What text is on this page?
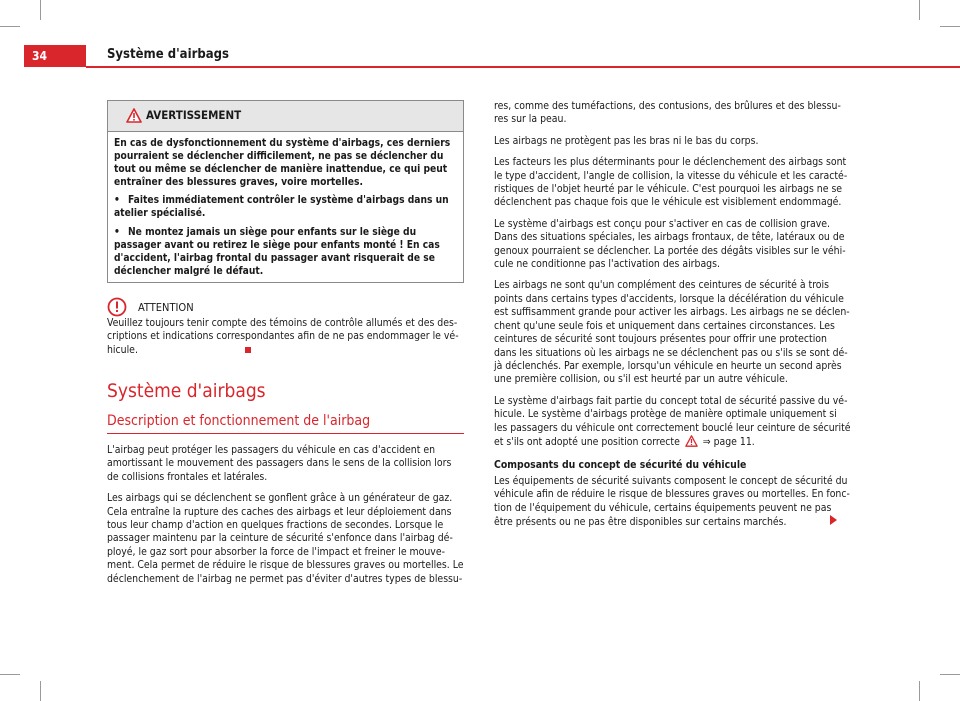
34	Système d'airbags
AVERTISSEMENT

En cas de dysfonctionnement du système d'airbags, ces derniers pourraient se déclencher difficilement, ne pas se déclencher du tout ou même se déclencher de manière inattendue, ce qui peut entraîner des blessures graves, voire mortelles.

• Faites immédiatement contrôler le système d'airbags dans un atelier spécialisé.

• Ne montez jamais un siège pour enfants sur le siège du passager avant ou retirez le siège pour enfants monté ! En cas d'accident, l'airbag frontal du passager avant risquerait de se déclencher malgré le défaut.

ATTENTION

Veuillez toujours tenir compte des témoins de contrôle allumés et des descriptions et indications correspondantes afin de ne pas endommager le véhicule.

Système d'airbags
Description et fonctionnement de l'airbag

L'airbag peut protéger les passagers du véhicule en cas d'accident en amortissant le mouvement des passagers dans le sens de la collision lors de collisions frontales et latérales.

Les airbags qui se déclenchent se gonflent grâce à un générateur de gaz. Cela entraîne la rupture des caches des airbags et leur déploiement dans tous leur champ d'action en quelques fractions de secondes. Lorsque le passager maintenu par la ceinture de sécurité s'enfonce dans l'airbag déployé, le gaz sort pour absorber la force de l'impact et freiner le mouvement. Cela permet de réduire le risque de blessures graves ou mortelles. Le déclenchement de l'airbag ne permet pas d'éviter d'autres types de blessu-

res, comme des tuméfactions, des contusions, des brûlures et des blessures sur la peau.

Les airbags ne protègent pas les bras ni le bas du corps.

Les facteurs les plus déterminants pour le déclenchement des airbags sont le type d'accident, l'angle de collision, la vitesse du véhicule et les caractéristiques de l'objet heurté par le véhicule. C'est pourquoi les airbags ne se déclenchent pas chaque fois que le véhicule est visiblement endommagé.

Le système d'airbags est conçu pour s'activer en cas de collision grave. Dans des situations spéciales, les airbags frontaux, de tête, latéraux ou de genoux pourraient se déclencher. La portée des dégâts visibles sur le véhicule ne conditionne pas l'activation des airbags.

Les airbags ne sont qu'un complément des ceintures de sécurité à trois points dans certains types d'accidents, lorsque la décélération du véhicule est suffisamment grande pour activer les airbags. Les airbags ne se déclenchent qu'une seule fois et uniquement dans certaines circonstances. Les ceintures de sécurité sont toujours présentes pour offrir une protection dans les situations où les airbags ne se déclenchent pas ou s'ils se sont déjà déclenchés. Par exemple, lorsqu'un véhicule en heurte un second après une première collision, ou s'il est heurté par un autre véhicule.

Le système d'airbags fait partie du concept total de sécurité passive du véhicule. Le système d'airbags protège de manière optimale uniquement si les passagers du véhicule ont correctement bouclé leur ceinture de sécurité et s'ils ont adopté une position correcte ⇒ page 11.

Composants du concept de sécurité du véhicule

Les équipements de sécurité suivants composent le concept de sécurité du véhicule afin de réduire le risque de blessures graves ou mortelles. En fonction de l'équipement du véhicule, certains équipements peuvent ne pas être présents ou ne pas être disponibles sur certains marchés.
